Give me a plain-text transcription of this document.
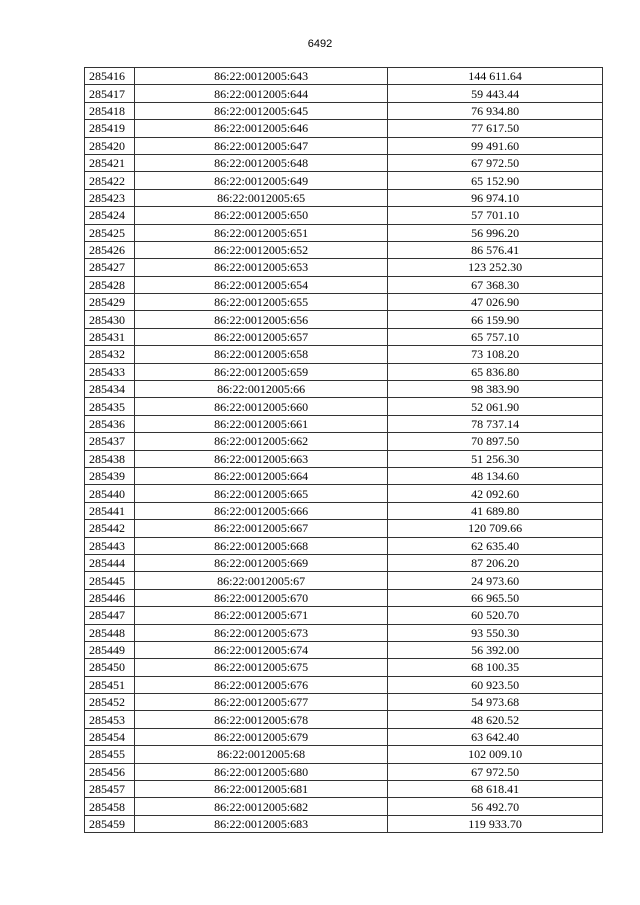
6492
285416	86:22:0012005:643	144 611.64
285417	86:22:0012005:644	59 443.44
285418	86:22:0012005:645	76 934.80
285419	86:22:0012005:646	77 617.50
285420	86:22:0012005:647	99 491.60
285421	86:22:0012005:648	67 972.50
285422	86:22:0012005:649	65 152.90
285423	86:22:0012005:65	96 974.10
285424	86:22:0012005:650	57 701.10
285425	86:22:0012005:651	56 996.20
285426	86:22:0012005:652	86 576.41
285427	86:22:0012005:653	123 252.30
285428	86:22:0012005:654	67 368.30
285429	86:22:0012005:655	47 026.90
285430	86:22:0012005:656	66 159.90
285431	86:22:0012005:657	65 757.10
285432	86:22:0012005:658	73 108.20
285433	86:22:0012005:659	65 836.80
285434	86:22:0012005:66	98 383.90
285435	86:22:0012005:660	52 061.90
285436	86:22:0012005:661	78 737.14
285437	86:22:0012005:662	70 897.50
285438	86:22:0012005:663	51 256.30
285439	86:22:0012005:664	48 134.60
285440	86:22:0012005:665	42 092.60
285441	86:22:0012005:666	41 689.80
285442	86:22:0012005:667	120 709.66
285443	86:22:0012005:668	62 635.40
285444	86:22:0012005:669	87 206.20
285445	86:22:0012005:67	24 973.60
285446	86:22:0012005:670	66 965.50
285447	86:22:0012005:671	60 520.70
285448	86:22:0012005:673	93 550.30
285449	86:22:0012005:674	56 392.00
285450	86:22:0012005:675	68 100.35
285451	86:22:0012005:676	60 923.50
285452	86:22:0012005:677	54 973.68
285453	86:22:0012005:678	48 620.52
285454	86:22:0012005:679	63 642.40
285455	86:22:0012005:68	102 009.10
285456	86:22:0012005:680	67 972.50
285457	86:22:0012005:681	68 618.41
285458	86:22:0012005:682	56 492.70
285459	86:22:0012005:683	119 933.70
